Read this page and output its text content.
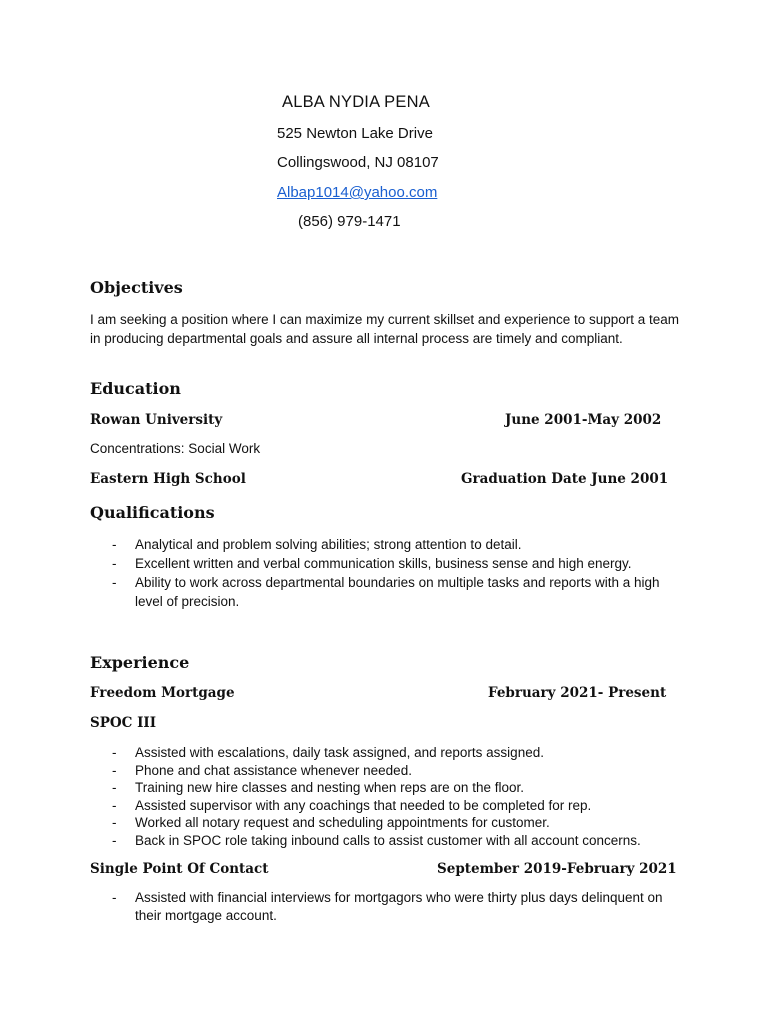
ALBA NYDIA PENA
525 Newton Lake Drive
Collingswood, NJ 08107
Albap1014@yahoo.com
(856) 979-1471
Objectives
I am seeking a position where I can maximize my current skillset and experience to support a team in producing departmental goals and assure all internal process are timely and compliant.
Education
Rowan University	June 2001-May 2002
Concentrations: Social Work
Eastern High School	Graduation Date June 2001
Qualifications
- Analytical and problem solving abilities; strong attention to detail.
- Excellent written and verbal communication skills, business sense and high energy.
- Ability to work across departmental boundaries on multiple tasks and reports with a high level of precision.
Experience
Freedom Mortgage	February 2021- Present
SPOC III
- Assisted with escalations, daily task assigned, and reports assigned.
- Phone and chat assistance whenever needed.
- Training new hire classes and nesting when reps are on the floor.
- Assisted supervisor with any coachings that needed to be completed for rep.
- Worked all notary request and scheduling appointments for customer.
- Back in SPOC role taking inbound calls to assist customer with all account concerns.
Single Point Of Contact	September 2019-February 2021
- Assisted with financial interviews for mortgagors who were thirty plus days delinquent on their mortgage account.
